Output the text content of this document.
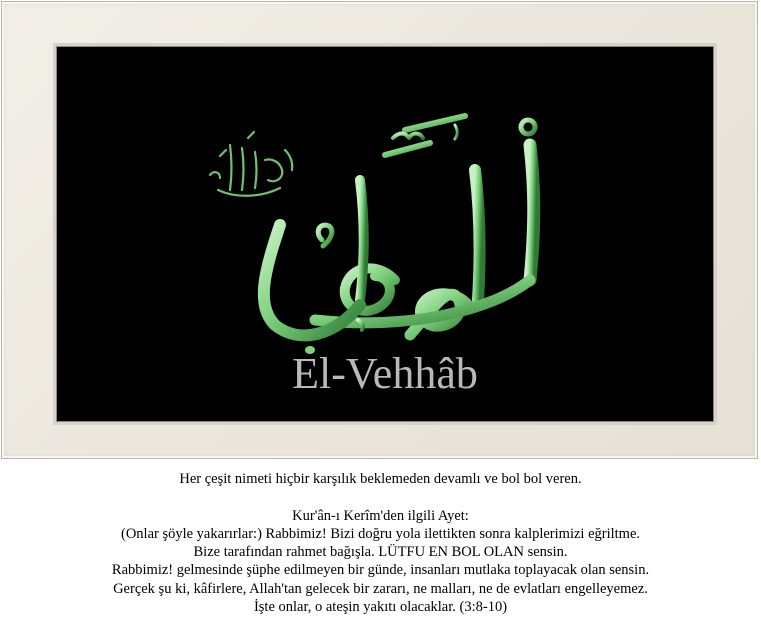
El-Vehhâb
Her çeşit nimeti hiçbir karşılık beklemeden devamlı ve bol bol veren.
Kur'ân-ı Kerîm'den ilgili Ayet:
(Onlar şöyle yakarırlar:) Rabbimiz! Bizi doğru yola ilettikten sonra kalplerimizi eğriltme.
Bize tarafından rahmet bağışla. LÜTFU EN BOL OLAN sensin.
Rabbimiz! gelmesinde şüphe edilmeyen bir günde, insanları mutlaka toplayacak olan sensin.
Gerçek şu ki, kâfirlere, Allah'tan gelecek bir zararı, ne malları, ne de evlatları engelleyemez.
İşte onlar, o ateşin yakıtı olacaklar. (3:8-10)
